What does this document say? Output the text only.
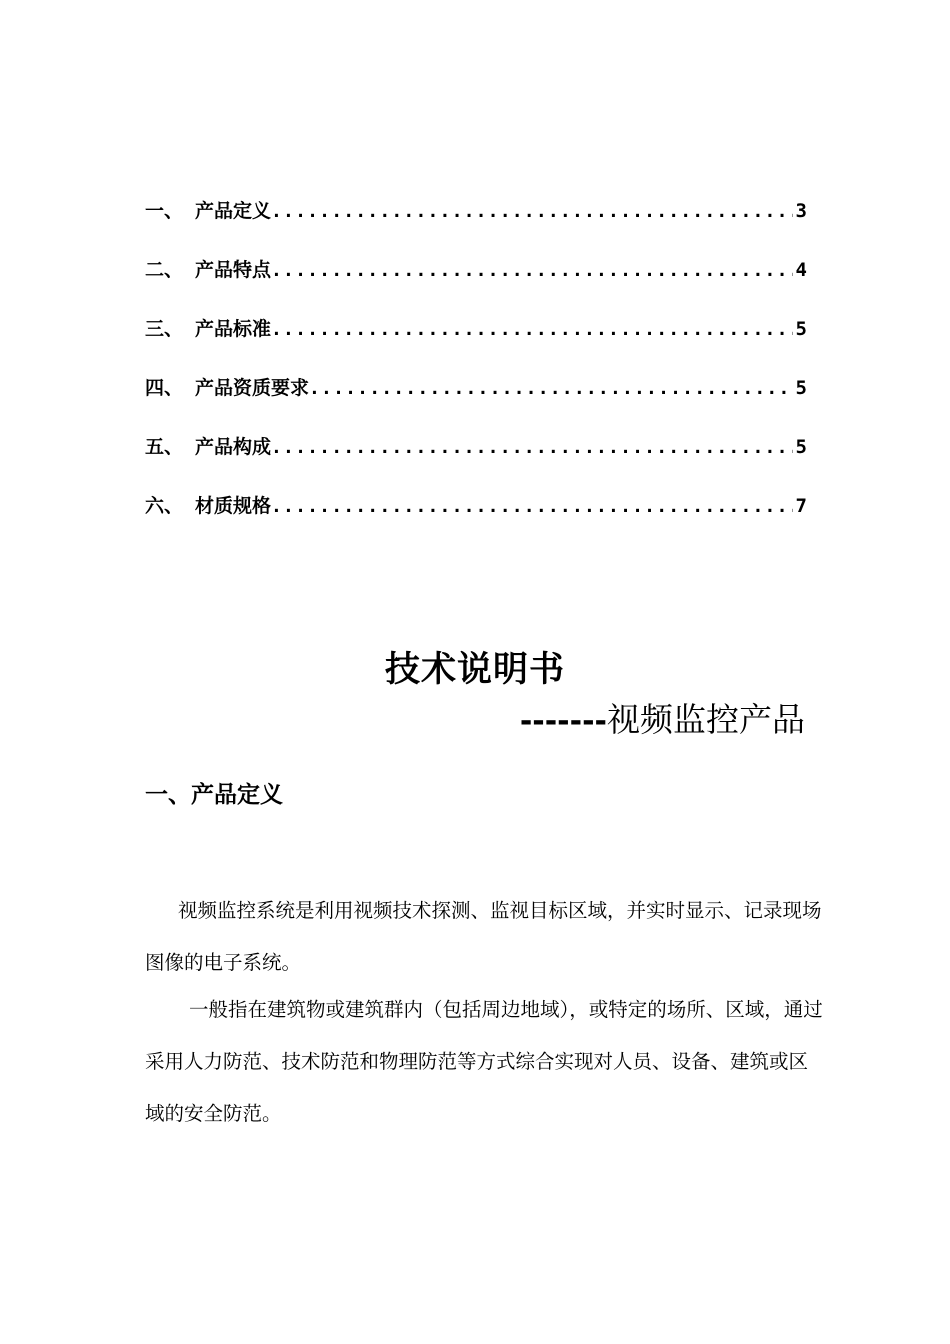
一、 产品定义 .....	3
二、 产品特点 .....	4
三、 产品标准 .....	5
四、 产品资质要求 .....	5
五、 产品构成 .....	5
六、 材质规格 .....	7
技术说明书
-------视频监控产品
一、产品定义
视频监控系统是利用视频技术探测、监视目标区域，并实时显示、记录现场图像的电子系统。
一般指在建筑物或建筑群内（包括周边地域），或特定的场所、区域，通过采用人力防范、技术防范和物理防范等方式综合实现对人员、设备、建筑或区域的安全防范。
